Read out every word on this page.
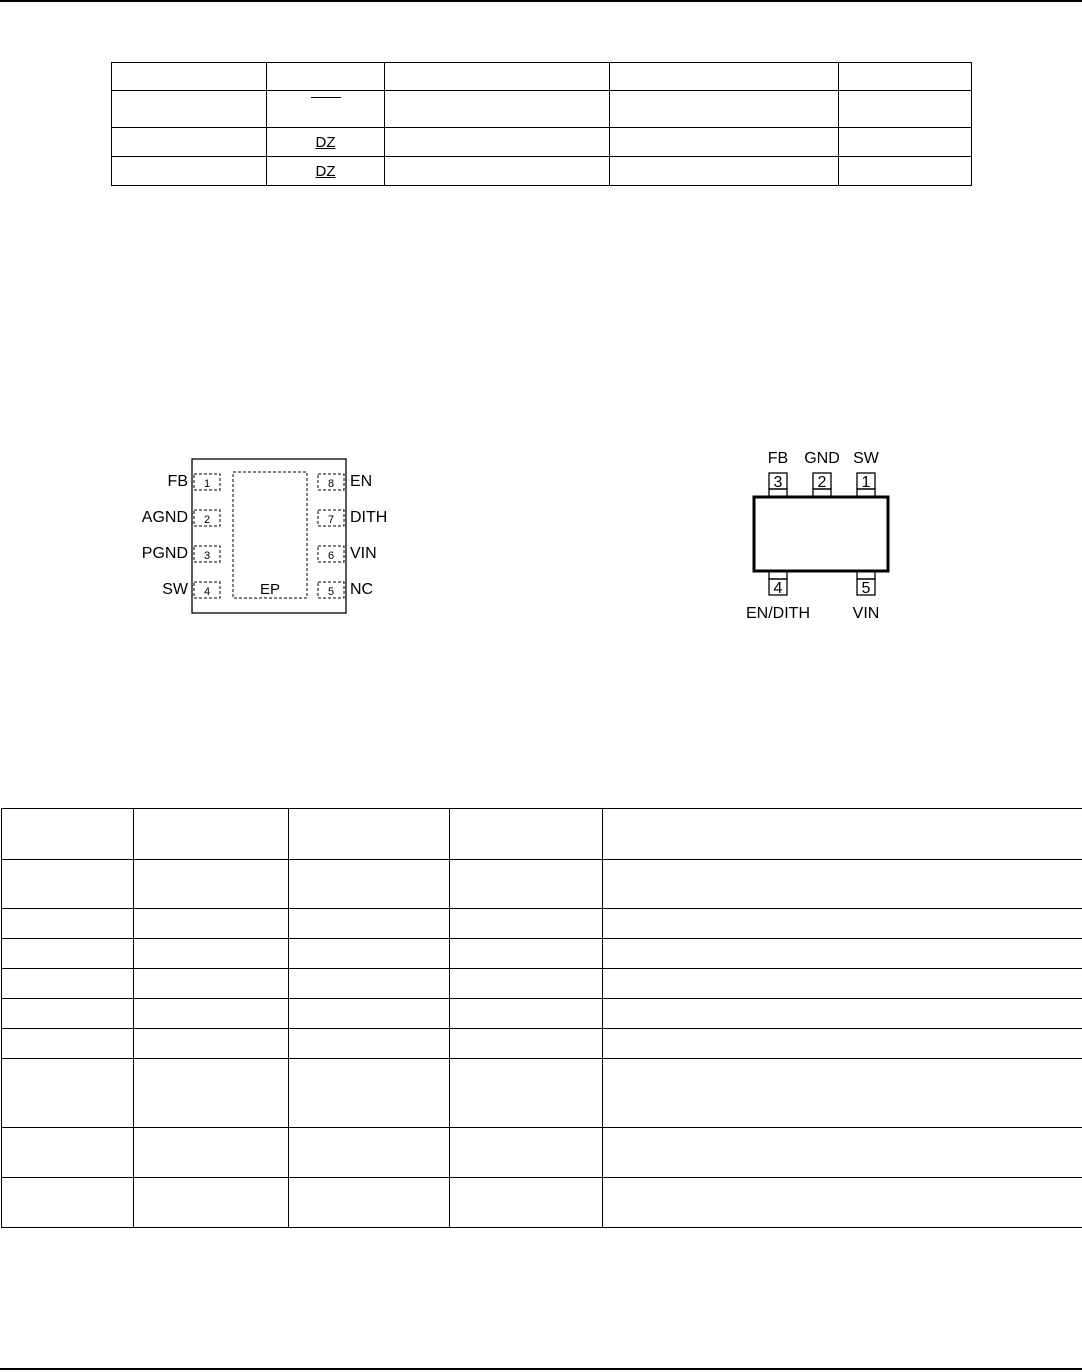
	DZ			
	DZ			
EP
1
FB
2
AGND
3
PGND
4
SW
8 EN
7 DITH
6 VIN
5 NC
3
FB
2
GND
1
SW
4
EN/DITH
5
VIN
